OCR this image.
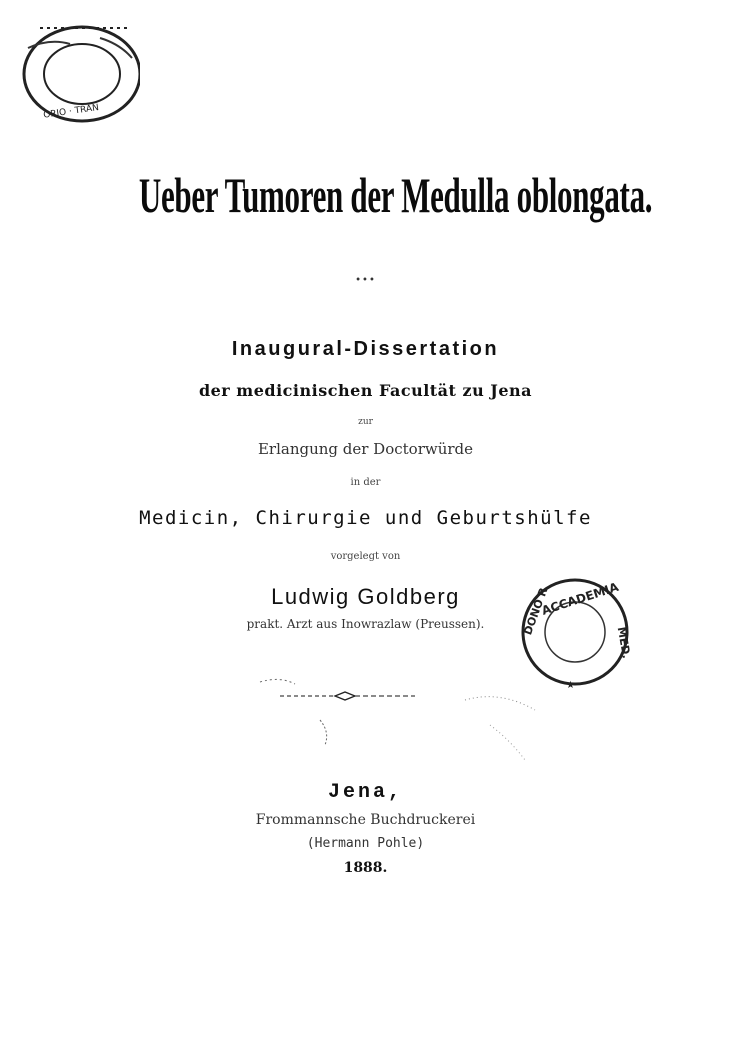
ORIO · TRAN
ACCADEMIA
DONO R
MED.
★
Ueber Tumoren der Medulla oblongata.
•••
Inaugural-Dissertation
der medicinischen Facultät zu Jena
zur
Erlangung der Doctorwürde
in der
Medicin, Chirurgie und Geburtshülfe
vorgelegt von
Ludwig Goldberg
prakt. Arzt aus Inowrazlaw (Preussen).
Jena,
Frommannsche Buchdruckerei
(Hermann Pohle)
1888.
